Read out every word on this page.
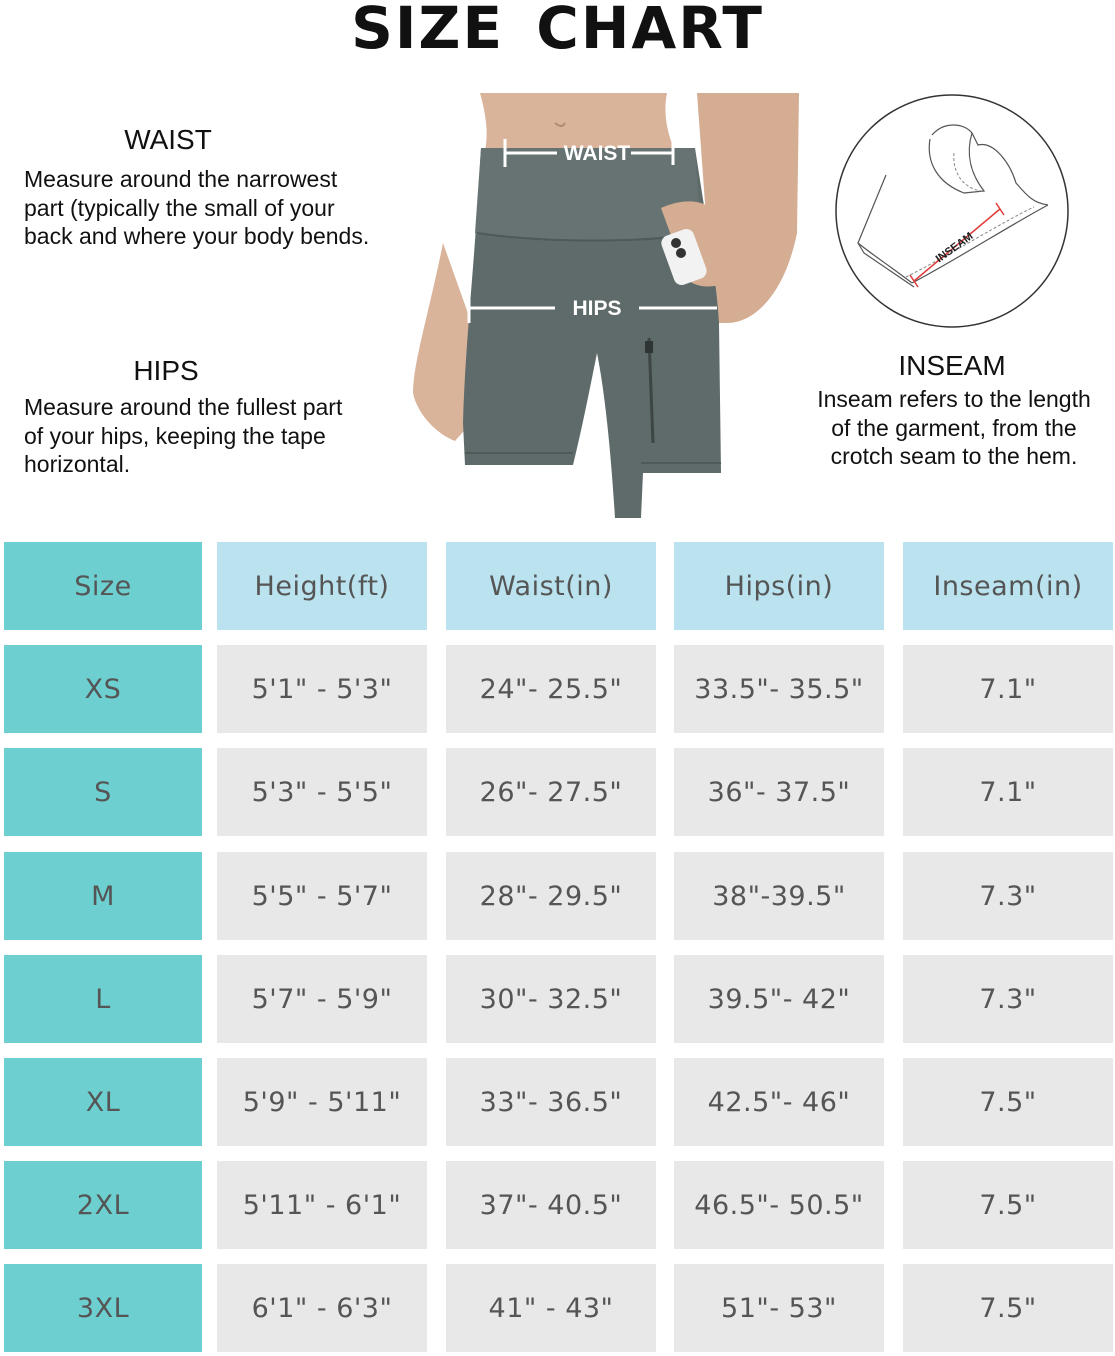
SIZE CHART
WAIST
Measure around the narrowest
part (typically the small of your
back and where your body bends.
HIPS
Measure around the fullest part
of your hips, keeping the tape
horizontal.
INSEAM
Inseam refers to the length
of the garment, from the
crotch seam to the hem.
WAIST
HIPS
INSEAM
Size	Height(ft)	Waist(in)	Hips(in)	Inseam(in)
XS	5'1" - 5'3"	24"- 25.5"	33.5"- 35.5"	7.1"
S	5'3" - 5'5"	26"- 27.5"	36"- 37.5"	7.1"
M	5'5" - 5'7"	28"- 29.5"	38"-39.5"	7.3"
L	5'7" - 5'9"	30"- 32.5"	39.5"- 42"	7.3"
XL	5'9" - 5'11"	33"- 36.5"	42.5"- 46"	7.5"
2XL	5'11" - 6'1"	37"- 40.5"	46.5"- 50.5"	7.5"
3XL	6'1" - 6'3"	41" - 43"	51"- 53"	7.5"
